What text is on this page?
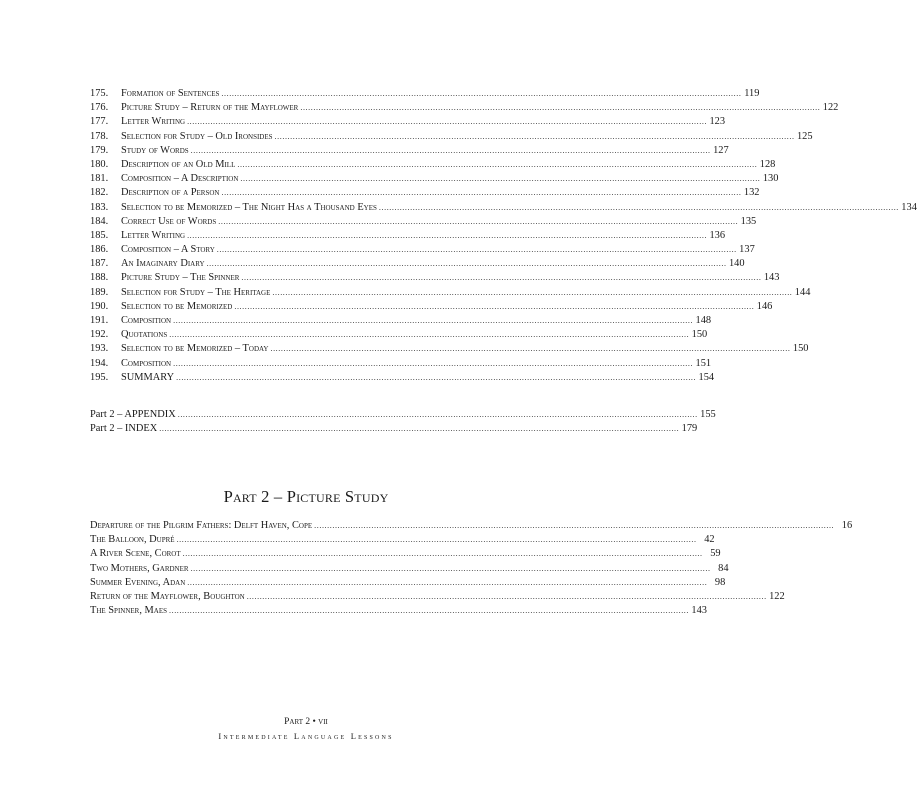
175.	Formation of Sentences .....	119
176.	Picture Study – Return of the Mayflower .....	122
177.	Letter Writing .....	123
178.	Selection for Study – Old Ironsides .....	125
179.	Study of Words .....	127
180.	Description of an Old Mill .....	128
181.	Composition – A Description .....	130
182.	Description of a Person .....	132
183.	Selection to be Memorized – The Night Has a Thousand Eyes .....	134
184.	Correct Use of Words .....	135
185.	Letter Writing .....	136
186.	Composition – A Story .....	137
187.	An Imaginary Diary .....	140
188.	Picture Study – The Spinner .....	143
189.	Selection for Study – The Heritage .....	144
190.	Selection to be Memorized .....	146
191.	Composition .....	148
192.	Quotations .....	150
193.	Selection to be Memorized – Today .....	150
194.	Composition .....	151
195.	SUMMARY .....	154
Part 2 – APPENDIX .....	155
Part 2 – INDEX .....	179
Part 2 – Picture Study
Departure of the Pilgrim Fathers: Delft Haven, Cope .....	16
The Balloon, Dupré .....	42
A River Scene, Corot .....	59
Two Mothers, Gardner .....	84
Summer Evening, Adan .....	98
Return of the Mayflower, Boughton .....	122
The Spinner, Maes .....	143
Part 2 • vii
Intermediate Language Lessons
